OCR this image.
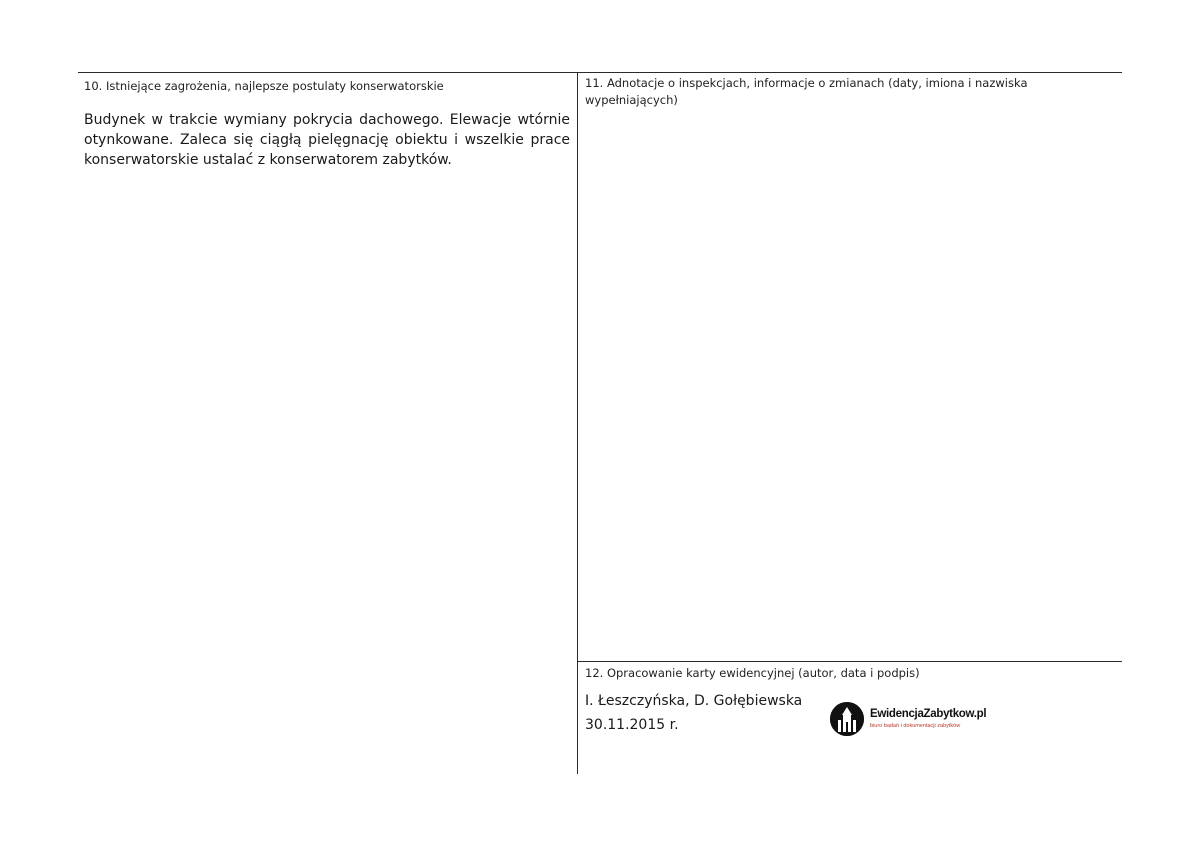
10. Istniejące zagrożenia, najlepsze postulaty konserwatorskie
Budynek w trakcie wymiany pokrycia dachowego. Elewacje wtórnie otynkowane. Zaleca się ciągłą pielęgnację obiektu i wszelkie prace konserwatorskie ustalać z konserwatorem zabytków.
11. Adnotacje o inspekcjach, informacje o zmianach (daty, imiona i nazwiska wypełniających)
12. Opracowanie karty ewidencyjnej (autor, data i podpis)
I. Łeszczyńska, D. Gołębiewska
30.11.2015 r.
EwidencjaZabytkow.pl
biuro badań i dokumentacji zabytków
